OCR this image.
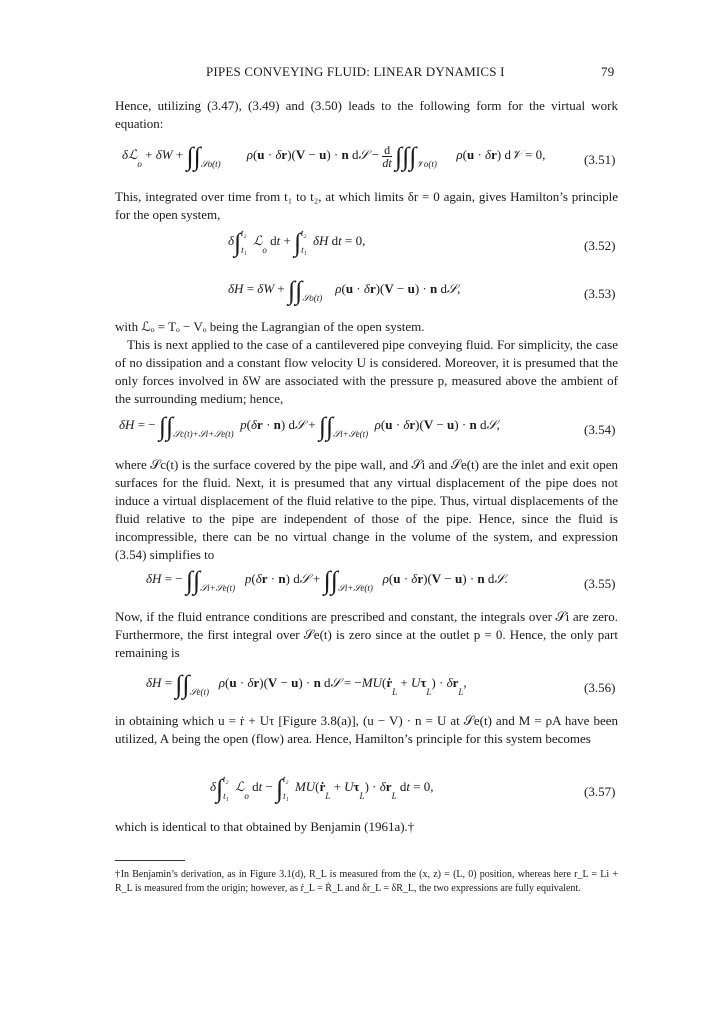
PIPES CONVEYING FLUID: LINEAR DYNAMICS I	79
Hence, utilizing (3.47), (3.49) and (3.50) leads to the following form for the virtual work equation:
δℒ$_o$ + $\delta W + \int\int_{𝒮o(t)}$        ρ(u · δr)(V − u) · n d𝒮 − $\frac{d}{dt} \int\int\int_{𝒱o(t)}$      ρ(u · δr) d𝒱 = 0,	(3.51)
This, integrated over time from t₁ to t₂, at which limits δr = 0 again, gives Hamilton’s principle for the open system,
$\delta\int_{t_1}^{t_2}$ ℒ$_o$ dt + $\int_{t_1}^{t_2}$ δH dt = 0,	(3.52)
$\delta H = \delta W + \int\int_{𝒮o(t)}$    ρ(u · δr)(V − u) · n d𝒮,	(3.53)
with ℒₒ = Tₒ − Vₒ being the Lagrangian of the open system.
This is next applied to the case of a cantilevered pipe conveying fluid. For simplicity, the case of no dissipation and a constant flow velocity U is considered. Moreover, it is presumed that the only forces involved in δW are associated with the pressure p, measured above the ambient of the surrounding medium; hence,
δH = − $\int\int_{𝒮c(t)+𝒮i+𝒮e(t)}$  p(δr · n) d𝒮 + $\int\int_{𝒮i+𝒮e(t)}$  ρ(u · δr)(V − u) · n d𝒮,	(3.54)
where 𝒮c(t) is the surface covered by the pipe wall, and 𝒮i and 𝒮e(t) are the inlet and exit open surfaces for the fluid. Next, it is presumed that any virtual displacement of the pipe does not induce a virtual displacement of the fluid relative to the pipe. Thus, virtual displacements of the fluid relative to the pipe are independent of those of the pipe. Hence, since the fluid is incompressible, there can be no virtual change in the volume of the system, and expression (3.54) simplifies to
δH = − $\int\int_{𝒮i+𝒮e(t)}$   p(δr · n) d𝒮 + $\int\int_{𝒮i+𝒮e(t)}$   ρ(u · δr)(V − u) · n d𝒮.	(3.55)
Now, if the fluid entrance conditions are prescribed and constant, the integrals over 𝒮i are zero. Furthermore, the first integral over 𝒮e(t) is zero since at the outlet p = 0. Hence, the only part remaining is
$\delta H = \int\int_{𝒮e(t)}$   ρ(u · δr)(V − u) · n d𝒮 = −MU(ṙ$_L$ + $U\tau_L) \cdot \delta r_L$,	(3.56)
in obtaining which u = ṙ + Uτ [Figure 3.8(a)], (u − V) · n = U at 𝒮e(t) and M = ρA have been utilized, A being the open (flow) area. Hence, Hamilton’s principle for this system becomes
$\delta\int_{t_1}^{t_2}$ ℒ$_o$ dt − $\int_{t_1}^{t_2}$ MU(ṙ$_L$ + $U\tau_L) \cdot \delta r_L$ dt = 0,	(3.57)
which is identical to that obtained by Benjamin (1961a).†
†In Benjamin’s derivation, as in Figure 3.1(d), R_L is measured from the (x, z) = (L, 0) position, whereas here r_L = Li + R_L is measured from the origin; however, as ṙ_L = Ṙ_L and δr_L = δR_L, the two expressions are fully equivalent.
